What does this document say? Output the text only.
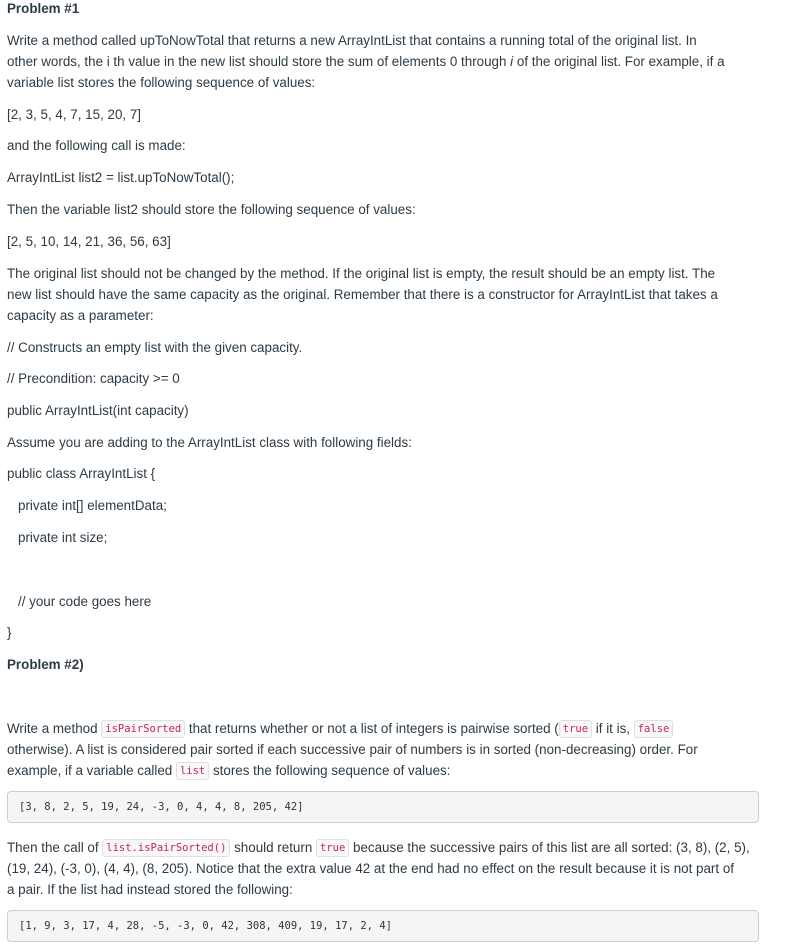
Problem #1
Write a method called upToNowTotal that returns a new ArrayIntList that contains a running total of the original list. In
other words, the i th value in the new list should store the sum of elements 0 through i of the original list. For example, if a
variable list stores the following sequence of values:
[2, 3, 5, 4, 7, 15, 20, 7]
and the following call is made:
ArrayIntList list2 = list.upToNowTotal();
Then the variable list2 should store the following sequence of values:
[2, 5, 10, 14, 21, 36, 56, 63]
The original list should not be changed by the method. If the original list is empty, the result should be an empty list. The
new list should have the same capacity as the original. Remember that there is a constructor for ArrayIntList that takes a
capacity as a parameter:
// Constructs an empty list with the given capacity.
// Precondition: capacity >= 0
public ArrayIntList(int capacity)
Assume you are adding to the ArrayIntList class with following fields:
public class ArrayIntList {
private int[] elementData;
private int size;
// your code goes here
}
Problem #2)
Write a method isPairSorted that returns whether or not a list of integers is pairwise sorted ( true if it is, false
otherwise). A list is considered pair sorted if each successive pair of numbers is in sorted (non-decreasing) order. For
example, if a variable called list stores the following sequence of values:
[3, 8, 2, 5, 19, 24, -3, 0, 4, 4, 8, 205, 42]
Then the call of list.isPairSorted() should return true because the successive pairs of this list are all sorted: (3, 8), (2, 5),
(19, 24), (-3, 0), (4, 4), (8, 205). Notice that the extra value 42 at the end had no effect on the result because it is not part of
a pair. If the list had instead stored the following:
[1, 9, 3, 17, 4, 28, -5, -3, 0, 42, 308, 409, 19, 17, 2, 4]
